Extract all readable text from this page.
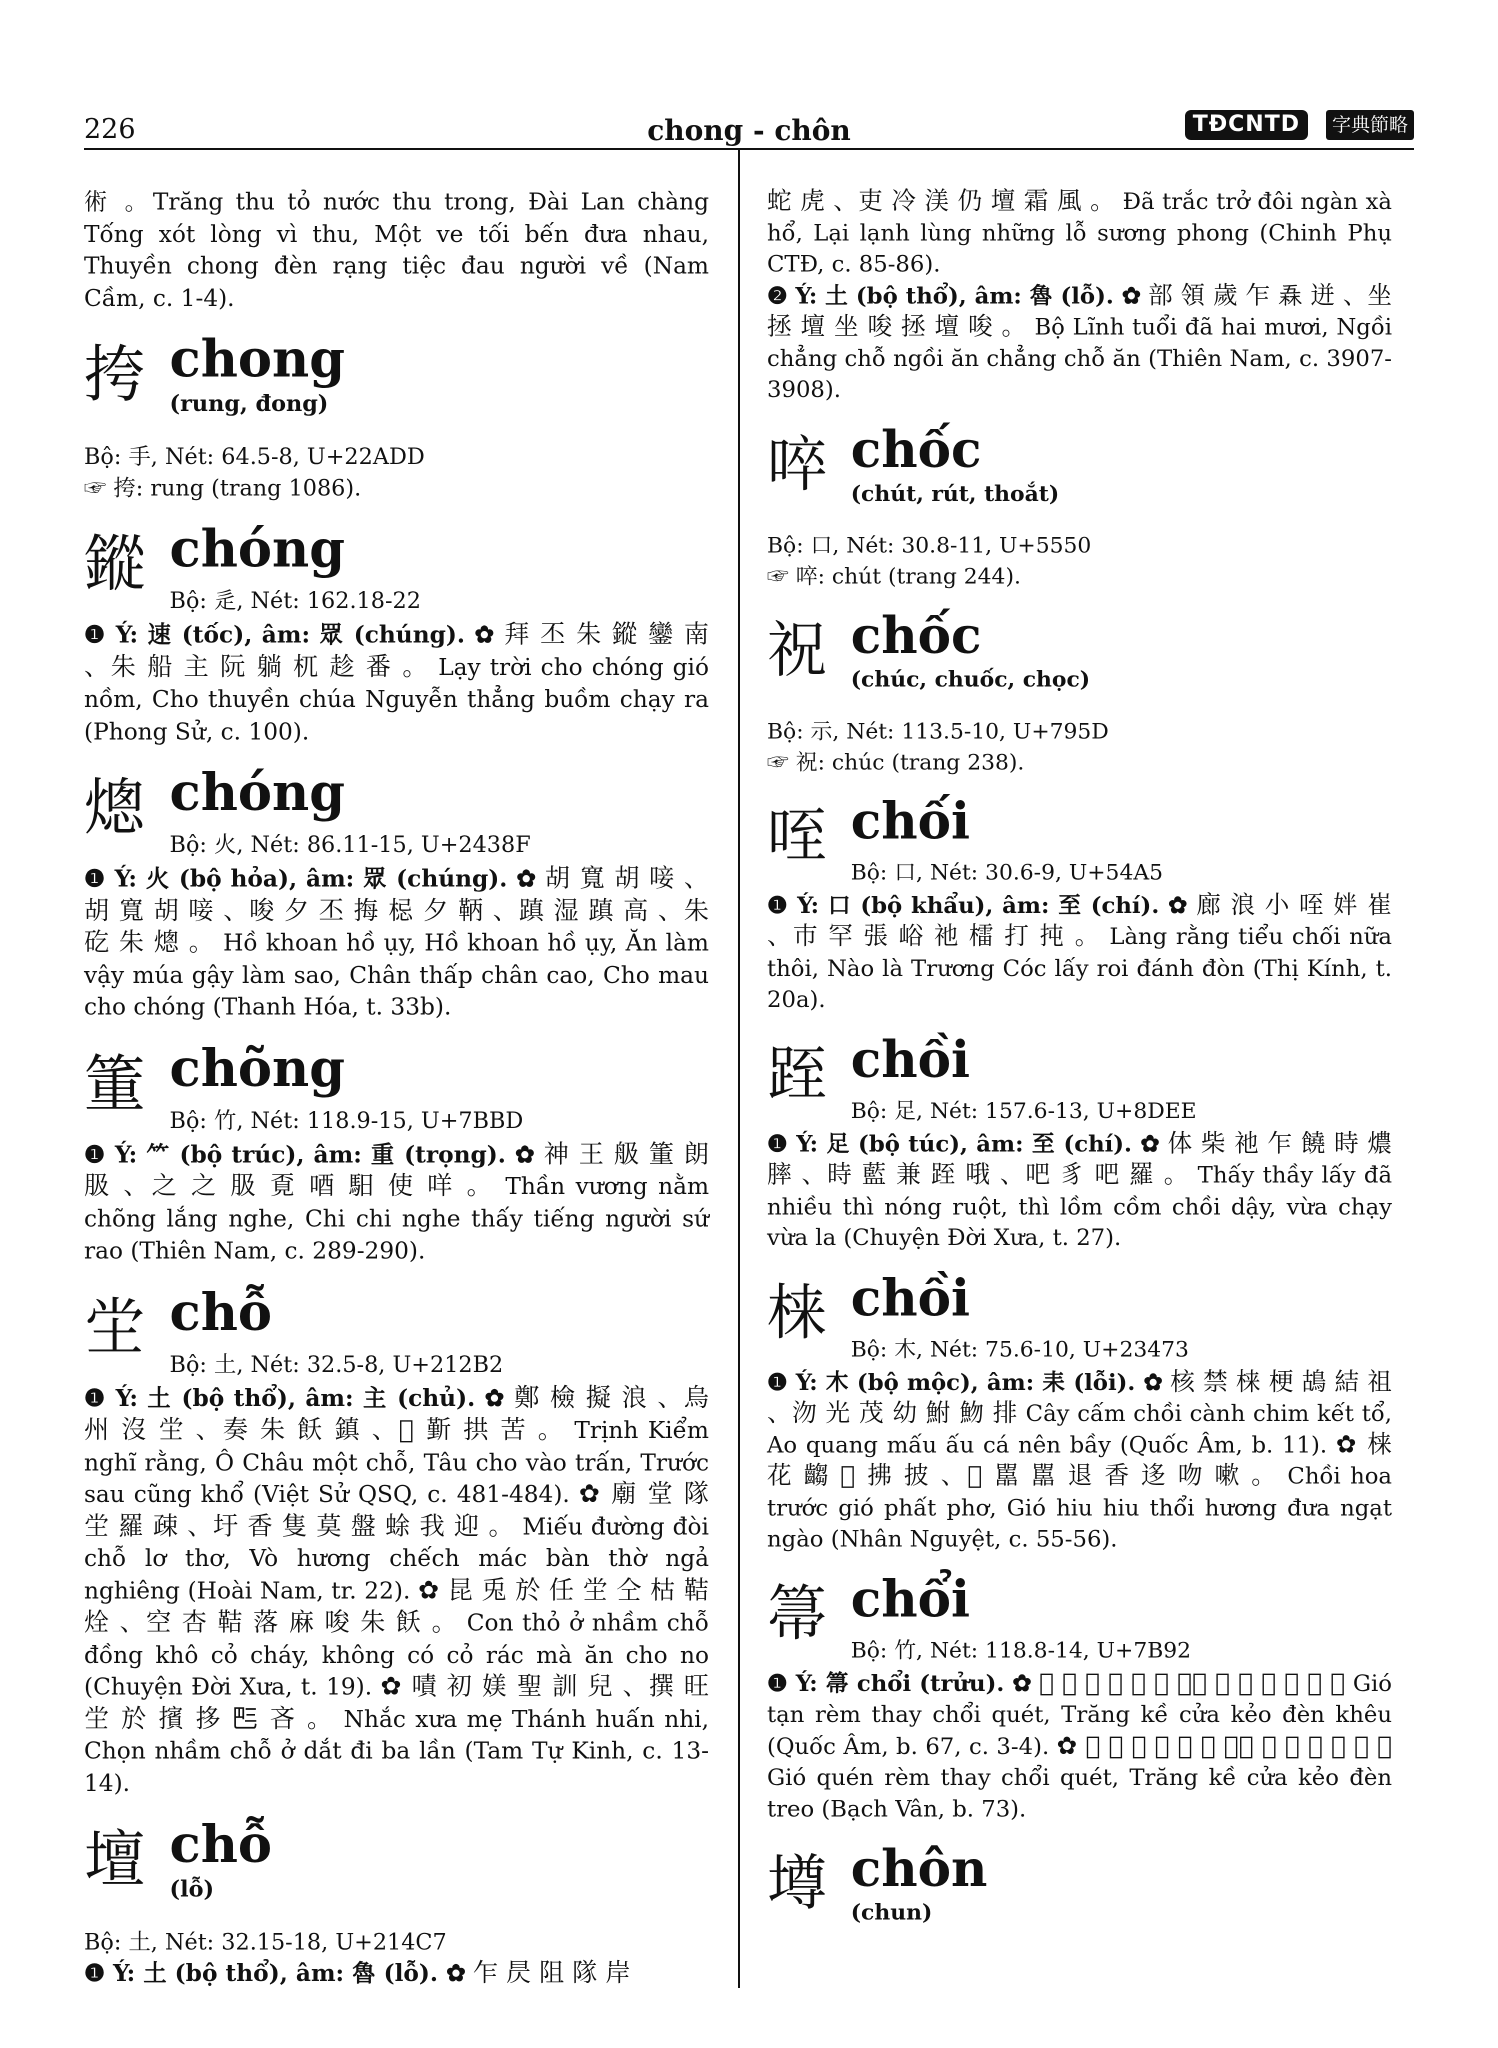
226	chong - chôn	TĐCNTD	字典節略

術 。Trăng thu tỏ nước thu trong, Đài Lan chàng Tống xót lòng vì thu, Một ve tối bến đưa nhau, Thuyền chong đèn rạng tiệc đau người về (Nam Cầm, c. 1-4).

挎 chong
(rung, đong)
Bộ: 手, Nét: 64.5-8, U+22ADD
☞ 挎: rung (trang 1086).
鏦 chóng
Bộ: 辵, Nét: 162.18-22

❶ Ý: 速 (tốc), âm: 眾 (chúng). ✿ 拜 丕 朱 鏦 鑾 南 、朱 船 主 阮 躺 杌 趁 番 。 Lạy trời cho chóng gió nồm, Cho thuyền chúa Nguyễn thẳng buồm chạy ra (Phong Sử, c. 100).

熜 chóng
Bộ: 火, Nét: 86.11-15, U+2438F

❶ Ý: 火 (bộ hỏa), âm: 眾 (chúng). ✿ 胡 寬 胡 唼 、胡 寬 胡 唼 、唆 夕 丕 挴 梞 夕 鞆 、蹎 湿 蹎 高 、朱 矻 朱 熜 。 Hồ khoan hồ ụy, Hồ khoan hồ ụy, Ăn làm vậy múa gậy làm sao, Chân thấp chân cao, Cho mau cho chóng (Thanh Hóa, t. 33b).

箽 chõng
Bộ: 竹, Nét: 118.9-15, U+7BBD

❶ Ý: ⺮ (bộ trúc), âm: 重 (trọng). ✿ 神 王 䑥 箽 朗 䏜 、之 之 䏜 覔 唒 馹 使 咩 。 Thần vương nằm chõng lắng nghe, Chi chi nghe thấy tiếng người sứ rao (Thiên Nam, c. 289-290).

坣 chỗ
Bộ: 土, Nét: 32.5-8, U+212B2

❶ Ý: 土 (bộ thổ), âm: 主 (chủ). ✿ 鄭 檢 擬 浪 、烏 州 沒 坣 、奏 朱 飫 鎮 、𤼸 斳 拱 苦 。 Trịnh Kiểm nghĩ rằng, Ô Châu một chỗ, Tâu cho vào trấn, Trước sau cũng khổ (Việt Sử QSQ, c. 481-484). ✿ 廟 堂 隊 坣 羅 疎 、圩 香 隻 莫 盤 蜍 我 迎 。 Miếu đường đòi chỗ lơ thơ, Vò hương chếch mác bàn thờ ngả nghiêng (Hoài Nam, tr. 22). ✿ 昆 兎 於 任 坣 仝 枯 鞊 烇 、空 杏 鞊 落 麻 唆 朱 飫 。 Con thỏ ở nhầm chỗ đồng khô cỏ cháy, không có cỏ rác mà ăn cho no (Chuyện Đời Xưa, t. 19). ✿ 嘖 初 媄 聖 訓 兒 、撰 旺 坣 於 擯 拸 𠀧 吝 。 Nhắc xưa mẹ Thánh huấn nhi, Chọn nhầm chỗ ở dắt đi ba lần (Tam Tự Kinh, c. 13-14).

壇 chỗ
(lỗ)
Bộ: 土, Nét: 32.15-18, U+214C7

❶ Ý: 土 (bộ thổ), âm: 魯 (lỗ). ✿ 乍 昃 阻 隊 岸

蛇 虎 、吏 冷 渼 仍 壇 霜 風 。 Đã trắc trở đôi ngàn xà hổ, Lại lạnh lùng những lỗ sương phong (Chinh Phụ CTĐ, c. 85-86).
❷ Ý: 土 (bộ thổ), âm: 魯 (lỗ). ✿ 部 領 歲 乍 𠄻 迸 、坐 拯 壇 坐 唆 拯 壇 唆 。 Bộ Lĩnh tuổi đã hai mươi, Ngồi chẳng chỗ ngồi ăn chẳng chỗ ăn (Thiên Nam, c. 3907-3908).

啐 chốc
(chút, rút, thoắt)
Bộ: 口, Nét: 30.8-11, U+5550
☞ 啐: chút (trang 244).
祝 chốc
(chúc, chuốc, chọc)
Bộ: 示, Nét: 113.5-10, U+795D
☞ 祝: chúc (trang 238).
咥 chối
Bộ: 口, Nét: 30.6-9, U+54A5

❶ Ý: 口 (bộ khẩu), âm: 至 (chí). ✿ 廊 浪 小 咥 姅 崔 、巿 罕 張 峪 祂 檑 打 扽 。 Làng rằng tiểu chối nữa thôi, Nào là Trương Cóc lấy roi đánh đòn (Thị Kính, t. 20a).

跮 chồi
Bộ: 足, Nét: 157.6-13, U+8DEE

❶ Ý: 足 (bộ túc), âm: 至 (chí). ✿ 体 柴 祂 乍 饒 時 燶 膟 、時 藍 兼 跮 哦 、吧 豸 吧 羅 。 Thấy thầy lấy đã nhiều thì nóng ruột, thì lồm cồm chồi dậy, vừa chạy vừa la (Chuyện Đời Xưa, t. 27).

梾 chồi
Bộ: 木, Nét: 75.6-10, U+23473

❶ Ý: 木 (bộ mộc), âm: 耒 (lỗi). ✿ 核 禁 梾 梗 鴣 結 祖 、沕 光 茂 幼 鮒 魩 排 Cây cấm chồi cành chim kết tổ, Ao quang mấu ấu cá nên bầy (Quốc Âm, b. 11). ✿ 梾 花 齺 𡗶 拂 披 、𡗶 嚚 嚚 退 香 迻 吻 嗽 。 Chồi hoa trước gió phất phơ, Gió hiu hiu thổi hương đưa ngạt ngào (Nhân Nguyệt, c. 55-56).

箒 chổi
Bộ: 竹, Nét: 118.8-14, U+7B92

❶ Ý: 箒 chổi (trửu). ✿ 𡗶 羨 簾 台 箒 括 、𦝄 琪 䤵 矯 畑 拞 。 Gió tạn rèm thay chổi quét, Trăng kề cửa kẻo đèn khêu (Quốc Âm, b. 67, c. 3-4). ✿ 𡗶 捲 簾 台 箒 擨 、䏧 琪 閛 矯 畑 撩 。 Gió quén rèm thay chổi quét, Trăng kề cửa kẻo đèn treo (Bạch Vân, b. 73).

墫 chôn
(chun)
